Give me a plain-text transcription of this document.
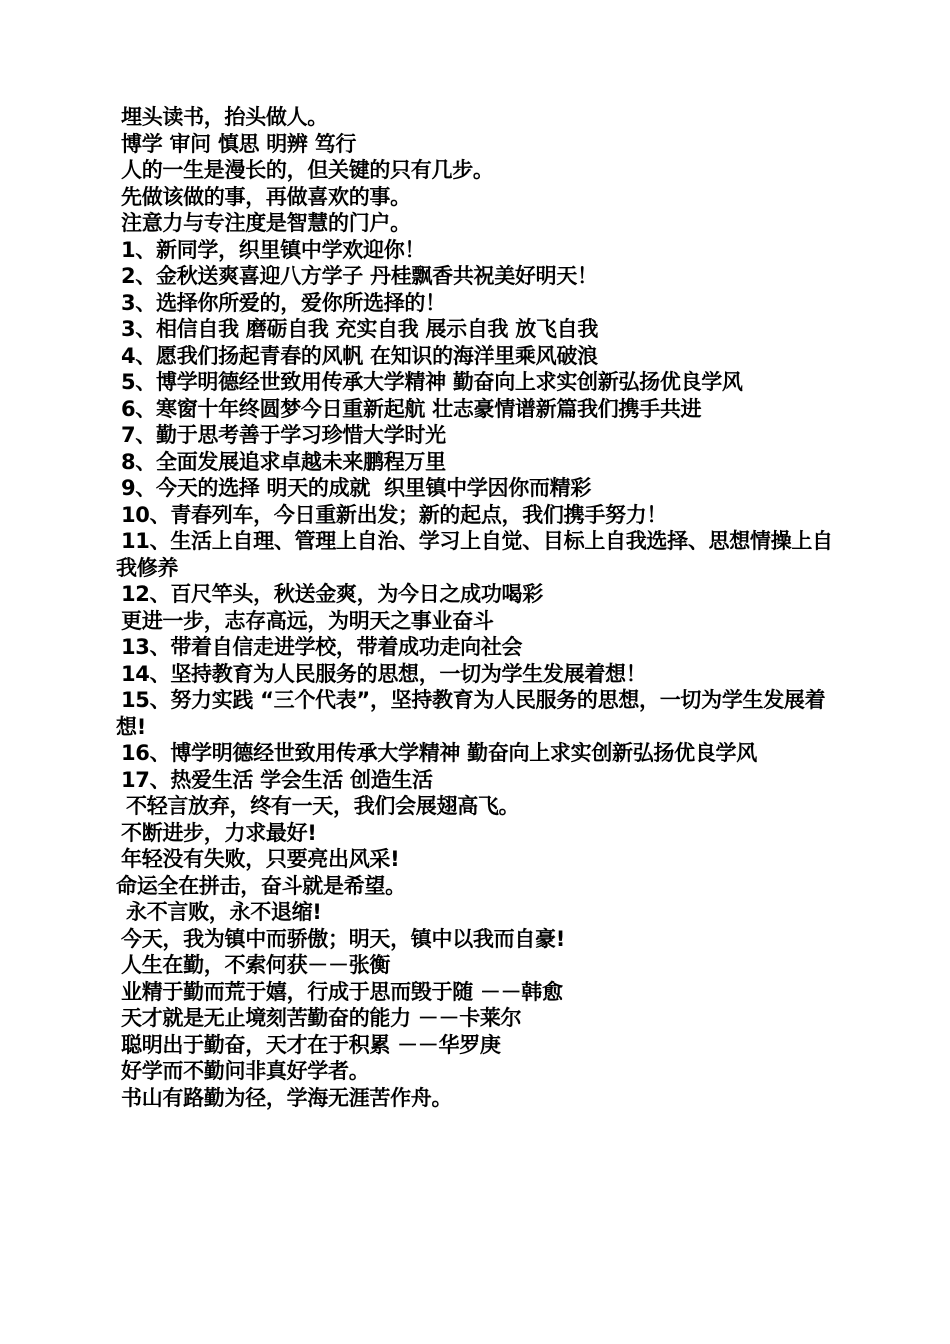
埋头读书，抬头做人。

博学 审问 慎思 明辨 笃行

人的一生是漫长的，但关键的只有几步。

先做该做的事，再做喜欢的事。

注意力与专注度是智慧的门户。

1、新同学，织里镇中学欢迎你！

2、金秋送爽喜迎八方学子 丹桂飘香共祝美好明天！

3、选择你所爱的，爱你所选择的！

3、相信自我 磨砺自我 充实自我 展示自我 放飞自我

4、愿我们扬起青春的风帆 在知识的海洋里乘风破浪

5、博学明德经世致用传承大学精神 勤奋向上求实创新弘扬优良学风

6、寒窗十年终圆梦今日重新起航 壮志豪情谱新篇我们携手共进

7、勤于思考善于学习珍惜大学时光

8、全面发展追求卓越未来鹏程万里

9、今天的选择 明天的成就  织里镇中学因你而精彩

10、青春列车，今日重新出发；新的起点，我们携手努力！

11、生活上自理、管理上自治、学习上自觉、目标上自我选择、思想情操上自我修养

12、百尺竿头，秋送金爽，为今日之成功喝彩

更进一步，志存高远，为明天之事业奋斗

13、带着自信走进学校，带着成功走向社会

14、坚持教育为人民服务的思想，一切为学生发展着想！

15、努力实践 “三个代表”，坚持教育为人民服务的思想，一切为学生发展着想!

16、博学明德经世致用传承大学精神 勤奋向上求实创新弘扬优良学风

17、热爱生活 学会生活 创造生活

不轻言放弃，终有一天，我们会展翅高飞。

不断进步，力求最好!

年轻没有失败，只要亮出风采!

命运全在拼击，奋斗就是希望。

永不言败，永不退缩!

今天，我为镇中而骄傲；明天，镇中以我而自豪!

人生在勤，不索何获－－张衡

业精于勤而荒于嬉，行成于思而毁于随 －－韩愈

天才就是无止境刻苦勤奋的能力 －－卡莱尔

聪明出于勤奋，天才在于积累 －－华罗庚

好学而不勤问非真好学者。

书山有路勤为径，学海无涯苦作舟。
